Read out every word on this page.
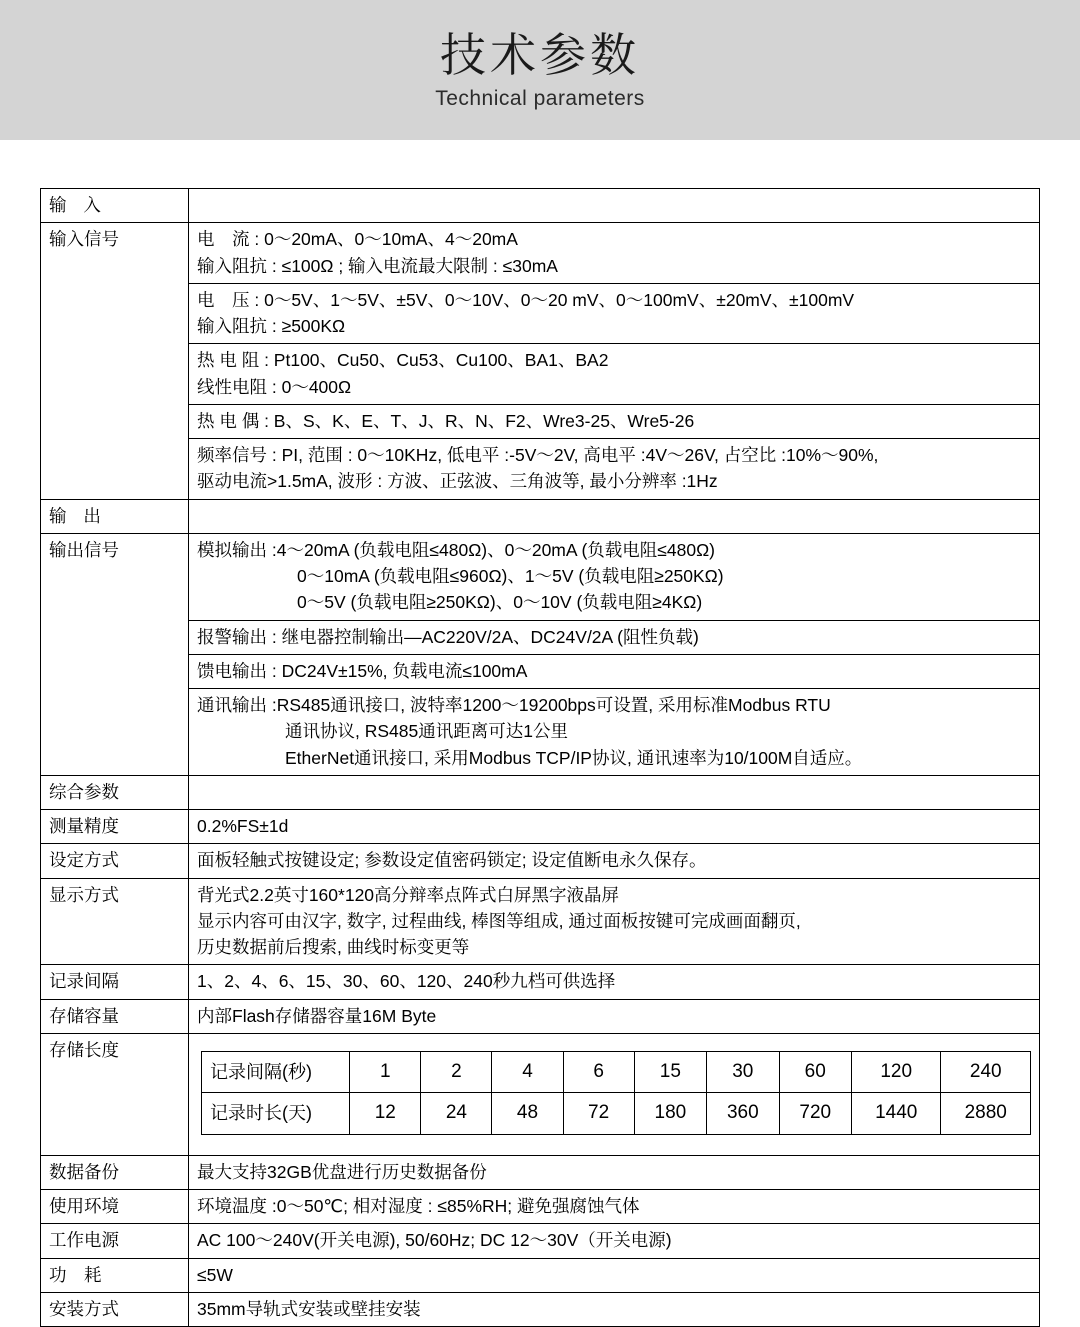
技术参数
Technical parameters
输 入	
输入信号	电　流 : 0～20mA、0～10mA、4～20mA
输入阻抗 : ≤100Ω ; 输入电流最大限制 : ≤30mA

电　压 : 0～5V、1～5V、±5V、0～10V、0～20 mV、0～100mV、±20mV、±100mV
输入阻抗 : ≥500KΩ

热 电 阻 : Pt100、Cu50、Cu53、Cu100、BA1、BA2
线性电阻 : 0～400Ω

热 电 偶 : B、S、K、E、T、J、R、N、F2、Wre3-25、Wre5-26

频率信号 : PI, 范围 : 0～10KHz, 低电平 :-5V～2V, 高电平 :4V～26V, 占空比 :10%～90%,
驱动电流>1.5mA, 波形 : 方波、正弦波、三角波等, 最小分辨率 :1Hz

输 出	
输出信号	模拟输出 :4～20mA (负载电阻≤480Ω)、0～20mA (负载电阻≤480Ω)
0～10mA (负载电阻≤960Ω)、1～5V (负载电阻≥250KΩ)
0～5V (负载电阻≥250KΩ)、0～10V (负载电阻≥4KΩ)

报警输出 : 继电器控制输出—AC220V/2A、DC24V/2A (阻性负载)

馈电输出 : DC24V±15%, 负载电流≤100mA

通讯输出 :RS485通讯接口, 波特率1200～19200bps可设置, 采用标准Modbus RTU
通讯协议, RS485通讯距离可达1公里
EtherNet通讯接口, 采用Modbus TCP/IP协议, 通讯速率为10/100M自适应。

综合参数	
测量精度	0.2%FS±1d
设定方式	面板轻触式按键设定; 参数设定值密码锁定; 设定值断电永久保存。
显示方式	背光式2.2英寸160*120高分辩率点阵式白屏黑字液晶屏
显示内容可由汉字, 数字, 过程曲线, 棒图等组成, 通过面板按键可完成画面翻页,
历史数据前后搜索, 曲线时标变更等

记录间隔	1、2、4、6、15、30、60、120、240秒九档可供选择
存储容量	内部Flash存储器容量16M Byte
存储长度	
记录间隔(秒)	1	2	4	6	15	30	60	120	240
记录时长(天)	12	24	48	72	180	360	720	1440	2880

数据备份	最大支持32GB优盘进行历史数据备份
使用环境	环境温度 :0～50℃; 相对湿度 : ≤85%RH; 避免强腐蚀气体
工作电源	AC 100～240V(开关电源), 50/60Hz; DC 12～30V（开关电源)
功　耗	≤5W
安装方式	35mm导轨式安装或壁挂安装
